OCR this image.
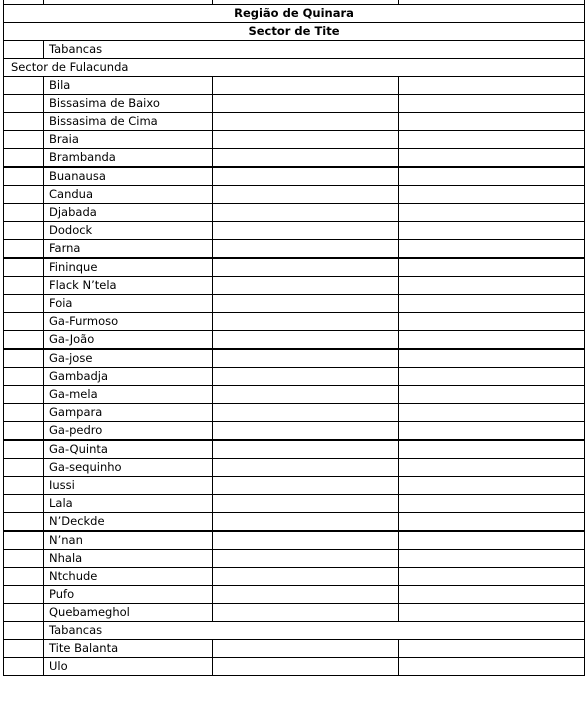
Região de Quinara			
Sector de Tite			
	Tabancas		
Sector de Fulacunda			
	Bila		
	Bissasima de Baixo		
	Bissasima de Cima		
	Braia		
	Brambanda		
	Buanausa		
	Candua		
	Djabada		
	Dodock		
	Farna		
	Fininque		
	Flack N’tela		
	Foia		
	Ga-Furmoso		
	Ga-João		
	Ga-jose		
	Gambadja		
	Ga-mela		
	Gampara		
	Ga-pedro		
	Ga-Quinta		
	Ga-sequinho		
	Iussi		
	Lala		
	N’Deckde		
	N’nan		
	Nhala		
	Ntchude		
	Pufo		
	Quebameghol		
	Tabancas		
	Tite Balanta		
	Ulo		
